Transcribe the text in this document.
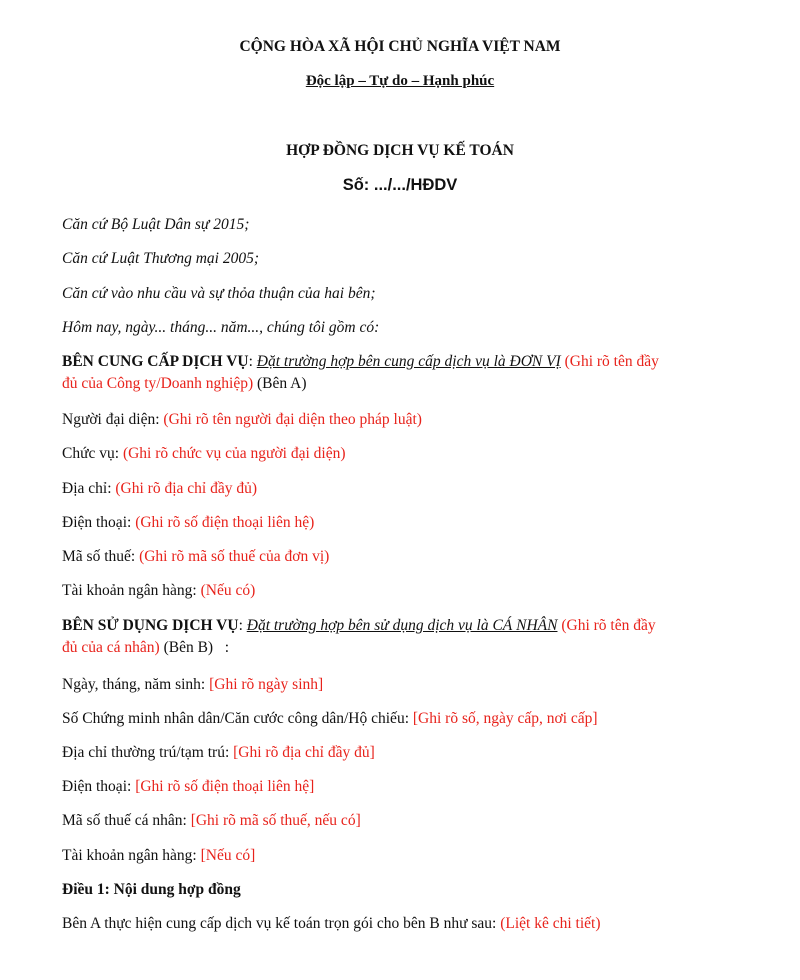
CỘNG HÒA XÃ HỘI CHỦ NGHĨA VIỆT NAM
Độc lập – Tự do – Hạnh phúc
HỢP ĐỒNG DỊCH VỤ KẾ TOÁN
Số: .../.../HĐDV
Căn cứ Bộ Luật Dân sự 2015;
Căn cứ Luật Thương mại 2005;
Căn cứ vào nhu cầu và sự thỏa thuận của hai bên;
Hôm nay, ngày... tháng... năm..., chúng tôi gồm có:
BÊN CUNG CẤP DỊCH VỤ: Đặt trường hợp bên cung cấp dịch vụ là ĐƠN VỊ (Ghi rõ tên đầy
đủ của Công ty/Doanh nghiệp) (Bên A)
Người đại diện: (Ghi rõ tên người đại diện theo pháp luật)
Chức vụ: (Ghi rõ chức vụ của người đại diện)
Địa chỉ: (Ghi rõ địa chỉ đầy đủ)
Điện thoại: (Ghi rõ số điện thoại liên hệ)
Mã số thuế: (Ghi rõ mã số thuế của đơn vị)
Tài khoản ngân hàng: (Nếu có)
BÊN SỬ DỤNG DỊCH VỤ: Đặt trường hợp bên sử dụng dịch vụ là CÁ NHÂN (Ghi rõ tên đầy
đủ của cá nhân) (Bên B)   :
Ngày, tháng, năm sinh: [Ghi rõ ngày sinh]
Số Chứng minh nhân dân/Căn cước công dân/Hộ chiếu: [Ghi rõ số, ngày cấp, nơi cấp]
Địa chỉ thường trú/tạm trú: [Ghi rõ địa chỉ đầy đủ]
Điện thoại: [Ghi rõ số điện thoại liên hệ]
Mã số thuế cá nhân: [Ghi rõ mã số thuế, nếu có]
Tài khoản ngân hàng: [Nếu có]
Điều 1: Nội dung hợp đồng
Bên A thực hiện cung cấp dịch vụ kế toán trọn gói cho bên B như sau: (Liệt kê chi tiết)
